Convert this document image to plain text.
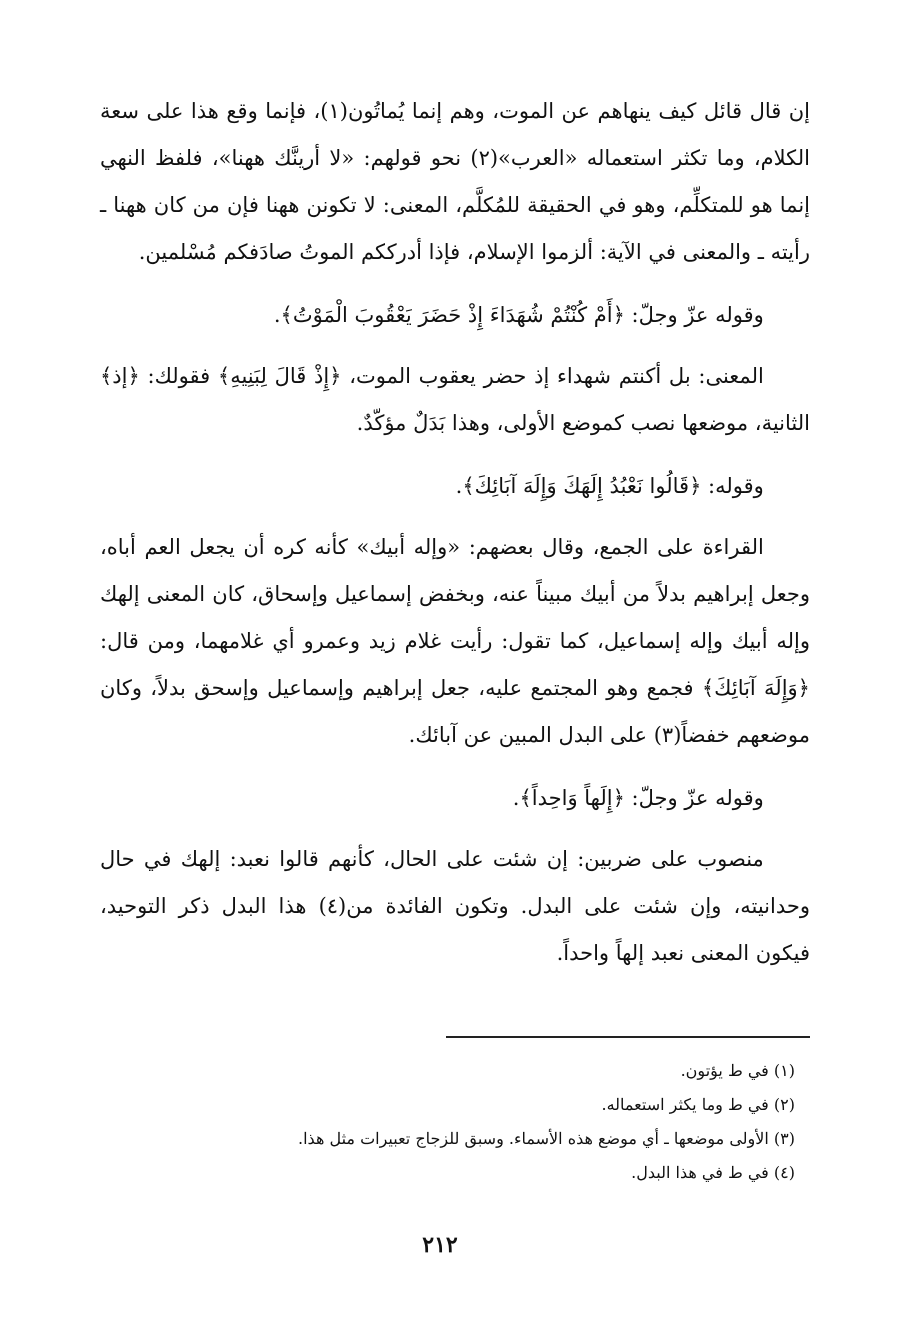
إن قال قائل كيف ينهاهم عن الموت، وهم إنما يُماتُون(١)، فإنما وقع هذا على سعة الكلام، وما تكثر استعماله «العرب»(٢) نحو قولهم: «لا أرينَّك ههنا»، فلفظ النهي إنما هو للمتكلِّم، وهو في الحقيقة للمُكلَّم، المعنى: لا تكونن ههنا فإن من كان ههنا ـ رأيته ـ والمعنى في الآية: ألزموا الإسلام، فإذا أدرككم الموتُ صادَفكم مُسْلمين.

وقوله عزّ وجلّ: ﴿أَمْ كُنْتُمْ شُهَدَاءَ إِذْ حَضَرَ يَعْقُوبَ الْمَوْتُ﴾.

المعنى: بل أكنتم شهداء إذ حضر يعقوب الموت، ﴿إِذْ قَالَ لِبَنِيهِ﴾ فقولك: ﴿إذ﴾ الثانية، موضعها نصب كموضع الأولى، وهذا بَدَلٌ مؤكّدٌ.

وقوله: ﴿قَالُوا نَعْبُدُ إِلَهَكَ وَإِلَهَ آبَائِكَ﴾.

القراءة على الجمع، وقال بعضهم: «وإله أبيك» كأنه كره أن يجعل العم أباه، وجعل إبراهيم بدلاً من أبيك مبيناً عنه، وبخفض إسماعيل وإسحاق، كان المعنى إلهك وإله أبيك وإله إسماعيل، كما تقول: رأيت غلام زيد وعمرو أي غلامهما، ومن قال: ﴿وَإِلَهَ آبَائِكَ﴾ فجمع وهو المجتمع عليه، جعل إبراهيم وإسماعيل وإسحق بدلاً، وكان موضعهم خفضاً(٣) على البدل المبين عن آبائك.

وقوله عزّ وجلّ: ﴿إِلَهاً وَاحِداً﴾.

منصوب على ضربين: إن شئت على الحال، كأنهم قالوا نعبد: إلهك في حال وحدانيته، وإن شئت على البدل. وتكون الفائدة من(٤) هذا البدل ذكر التوحيد، فيكون المعنى نعبد إلهاً واحداً.

(١) في ط يؤتون.
(٢) في ط وما يكثر استعماله.
(٣) الأولى موضعها ـ أي موضع هذه الأسماء. وسبق للزجاج تعبيرات مثل هذا.
(٤) في ط في هذا البدل.
٢١٢
